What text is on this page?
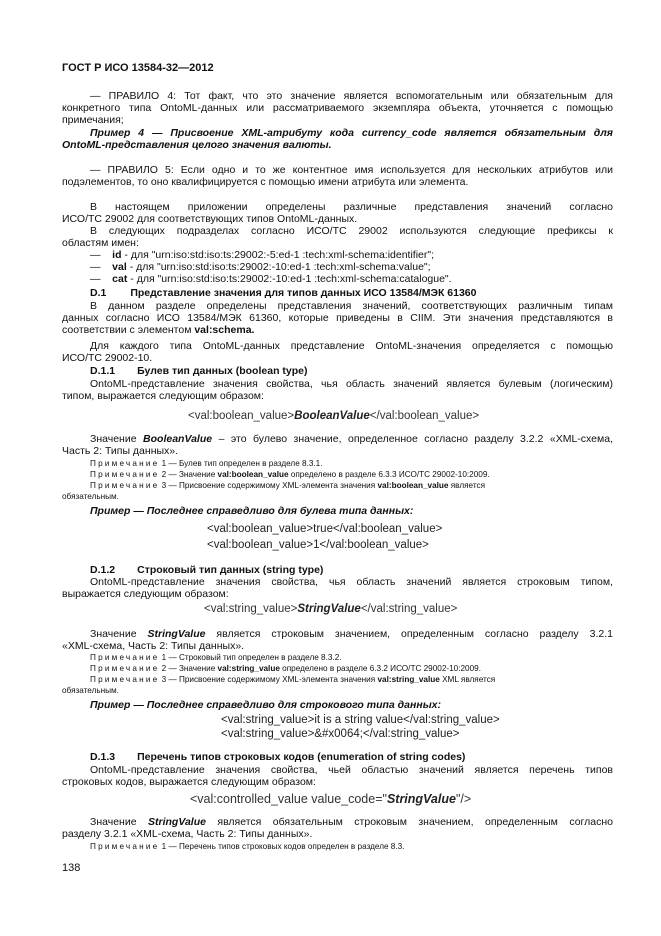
ГОСТ Р ИСО 13584-32—2012
— ПРАВИЛО 4: Тот факт, что это значение является вспомогательным или обязательным для
конкретного типа OntoML-данных или рассматриваемого экземпляра объекта, уточняется с помощью
примечания;
Пример 4 — Присвоение XML-атрибуту кода currency_code является обязательным для
OntoML-представления целого значения валюты.
— ПРАВИЛО 5: Если одно и то же контентное имя используется для нескольких атрибутов или
подэлементов, то оно квалифицируется с помощью имени атрибута или элемента.
В настоящем приложении определены различные представления значений согласно
ИСО/ТС 29002 для соответствующих типов OntoML-данных.
В следующих подразделах согласно ИСО/ТС 29002 используются следующие префиксы к
областям имен:
— id - для "urn:iso:std:iso:ts:29002:-5:ed-1 :tech:xml-schema:identifier";
— val - для "urn:iso:std:iso:ts:29002:-10:ed-1 :tech:xml-schema:value";
— cat - для "urn:iso:std:iso:ts:29002:-10:ed-1 :tech:xml-schema:catalogue".
D.1 Представление значения для типов данных ИСО 13584/МЭК 61360
В данном разделе определены представления значений, соответствующих различным типам
данных согласно ИСО 13584/МЭК 61360, которые приведены в CIIM. Эти значения представляются в
соответствии с элементом val:schema.
Для каждого типа OntoML-данных представление OntoML-значения определяется с помощью
ИСО/ТС 29002-10.
D.1.1 Булев тип данных (boolean type)
OntoML-представление значения свойства, чья область значений является булевым (логическим)
типом, выражается следующим образом:
<val:boolean_value>BooleanValue</val:boolean_value>
Значение BooleanValue – это булево значение, определенное согласно разделу 3.2.2 «XML-схема,
Часть 2: Типы данных».
Примечание 1 — Булев тип определен в разделе 8.3.1.
Примечание 2 — Значение val:boolean_value определено в разделе 6.3.3 ИСО/ТС 29002-10:2009.
Примечание 3 — Присвоение содержимому XML-элемента значения val:boolean_value является
обязательным.
Пример — Последнее справедливо для булева типа данных:
<val:boolean_value>true</val:boolean_value>
<val:boolean_value>1</val:boolean_value>
D.1.2 Строковый тип данных (string type)
OntoML-представление значения свойства, чья область значений является строковым типом,
выражается следующим образом:
<val:string_value>StringValue</val:string_value>
Значение StringValue является строковым значением, определенным согласно разделу 3.2.1
«XML-схема, Часть 2: Типы данных».
Примечание 1 — Строковый тип определен в разделе 8.3.2.
Примечание 2 — Значение val:string_value определено в разделе 6.3.2 ИСО/ТС 29002-10:2009.
Примечание 3 — Присвоение содержимому XML-элемента значения val:string_value XML является
обязательным.
Пример — Последнее справедливо для строкового типа данных:
<val:string_value>it is a string value</val:string_value>
<val:string_value>&#x0064;</val:string_value>
D.1.3 Перечень типов строковых кодов (enumeration of string codes)
OntoML-представление значения свойства, чьей областью значений является перечень типов
строковых кодов, выражается следующим образом:
<val:controlled_value value_code="StringValue"/>
Значение StringValue является обязательным строковым значением, определенным согласно
разделу 3.2.1 «XML-схема, Часть 2: Типы данных».
Примечание 1 — Перечень типов строковых кодов определен в разделе 8.3.
138
